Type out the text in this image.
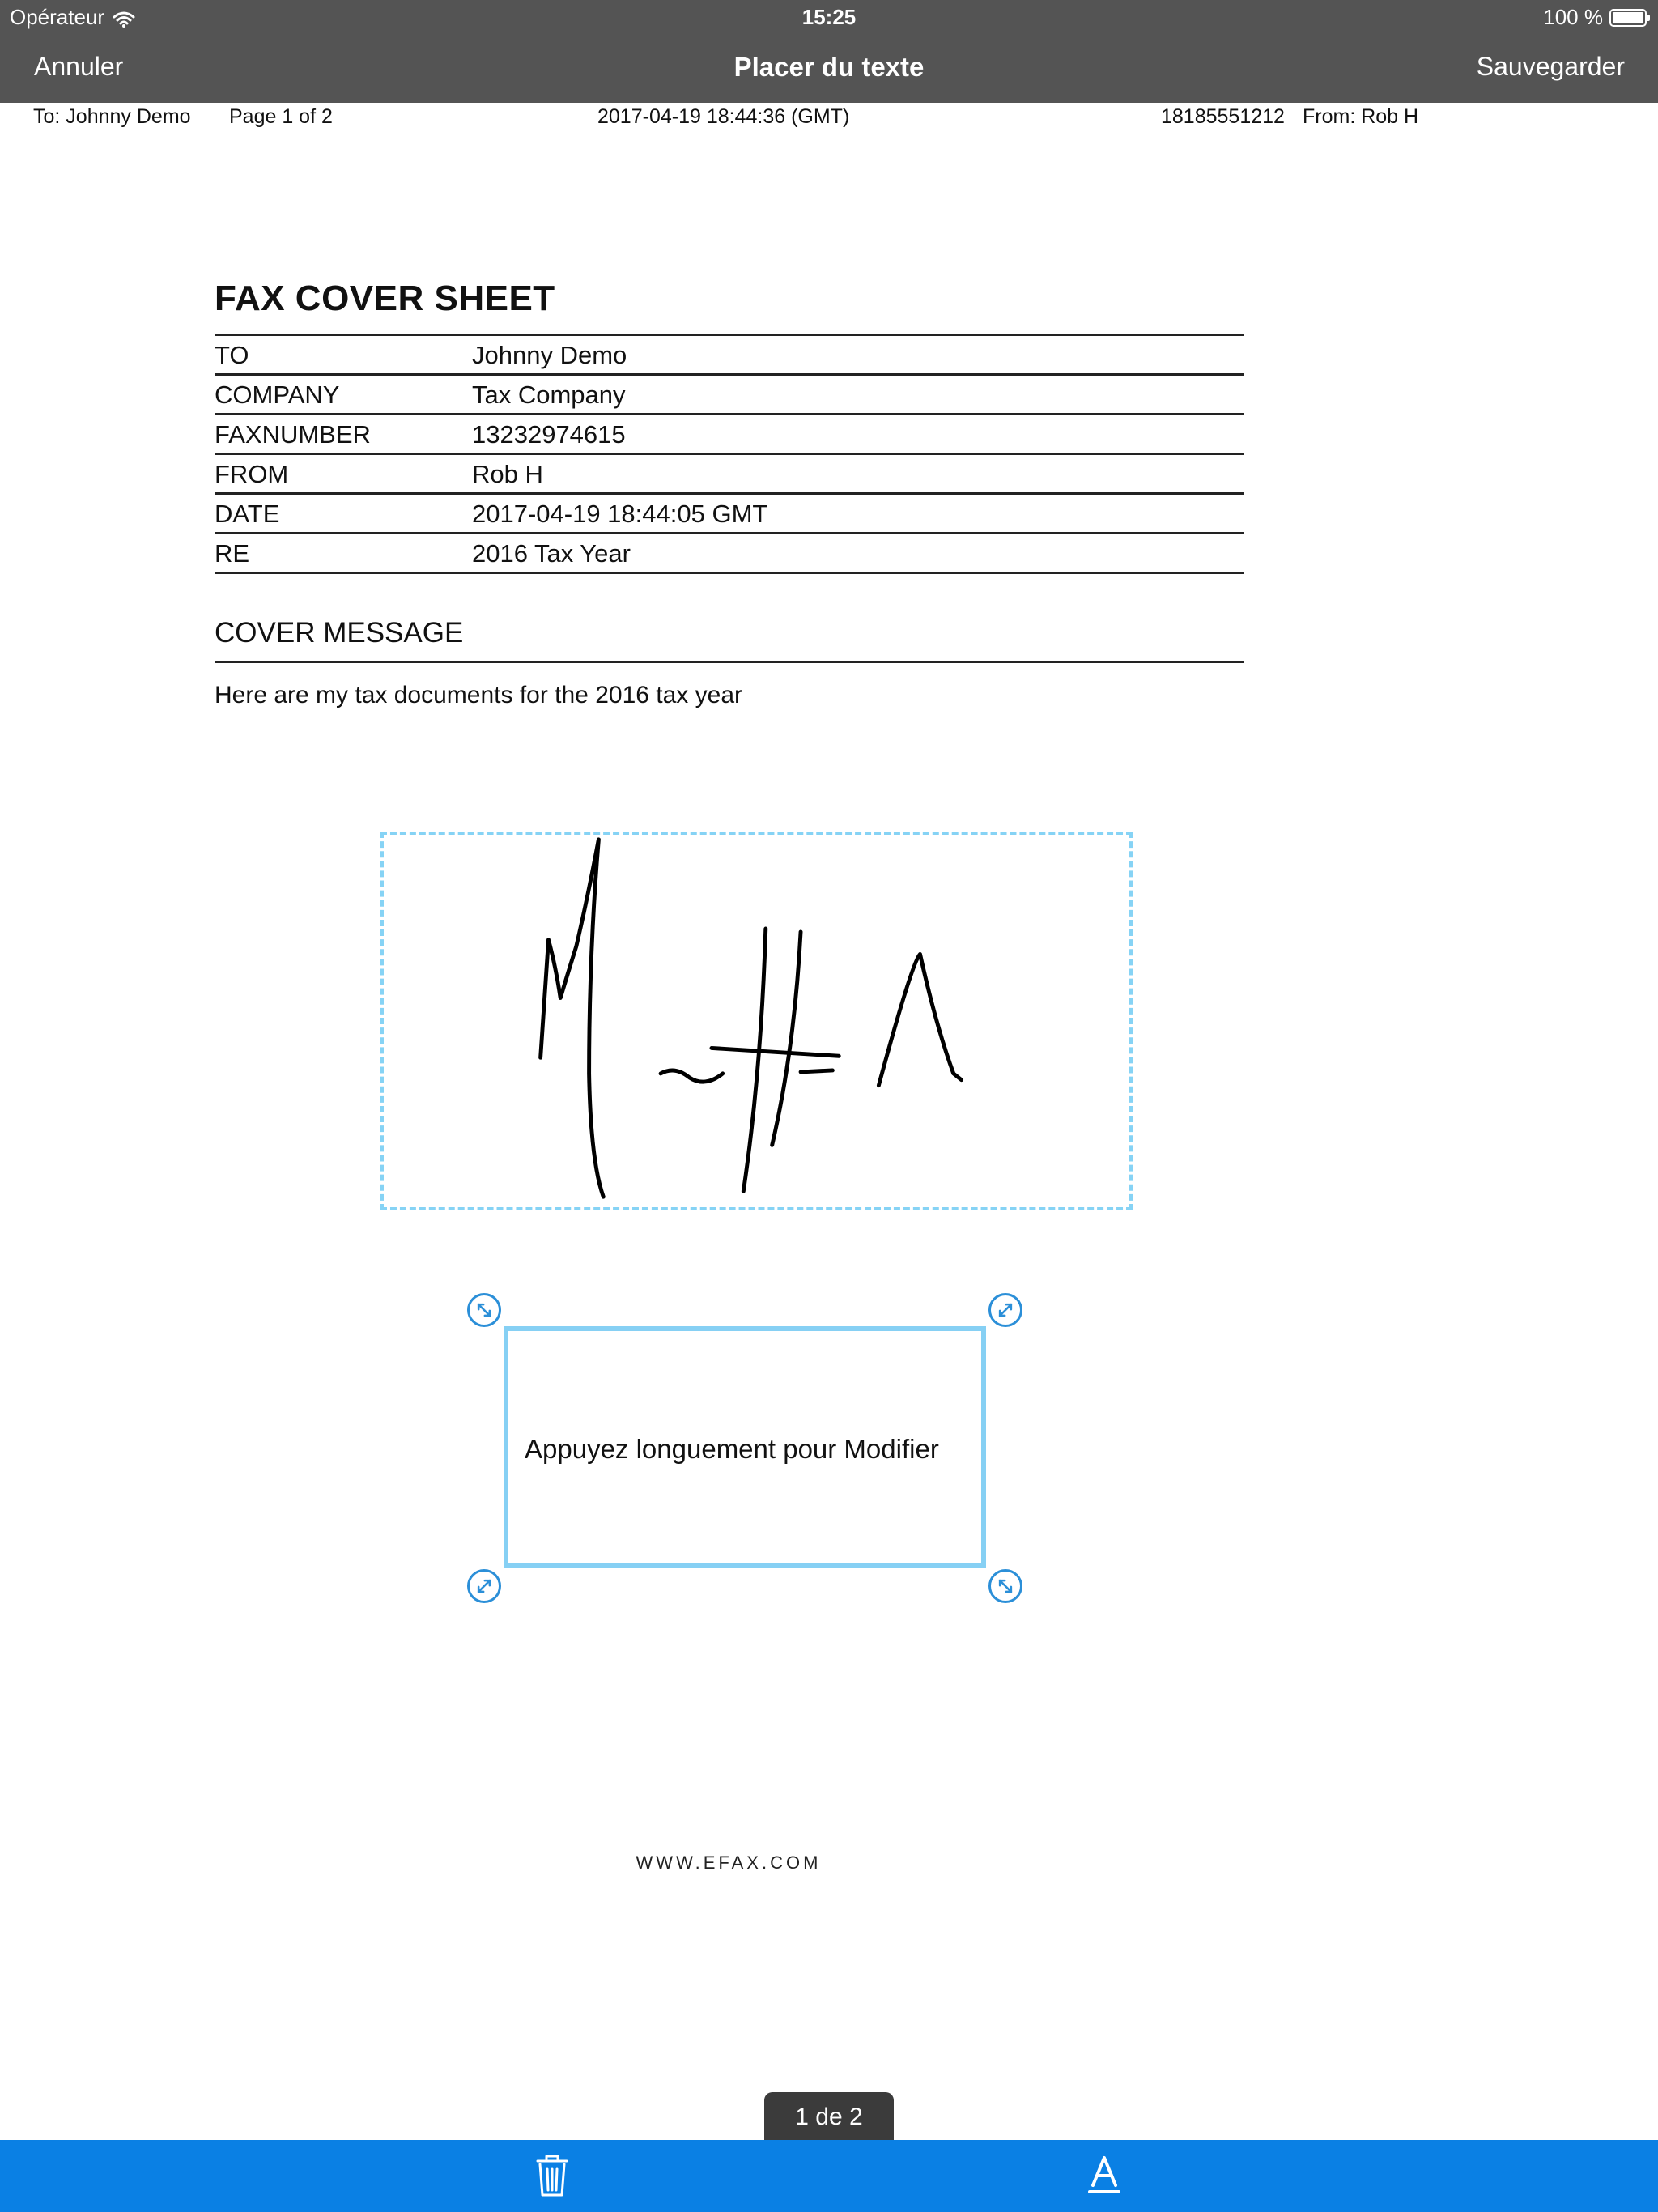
Opérateur	15:25	100 %
Annuler	Placer du texte	Sauvegarder
To: Johnny Demo Page 1 of 2	2017-04-19 18:44:36 (GMT)	18185551212 From: Rob H
FAX COVER SHEET
TO	Johnny Demo
COMPANY	Tax Company
FAXNUMBER	13232974615
FROM	Rob H
DATE	2017-04-19 18:44:05 GMT
RE	2016 Tax Year
COVER MESSAGE
Here are my tax documents for the 2016 tax year
Appuyez longuement pour Modifier
WWW.EFAX.COM
1 de 2
